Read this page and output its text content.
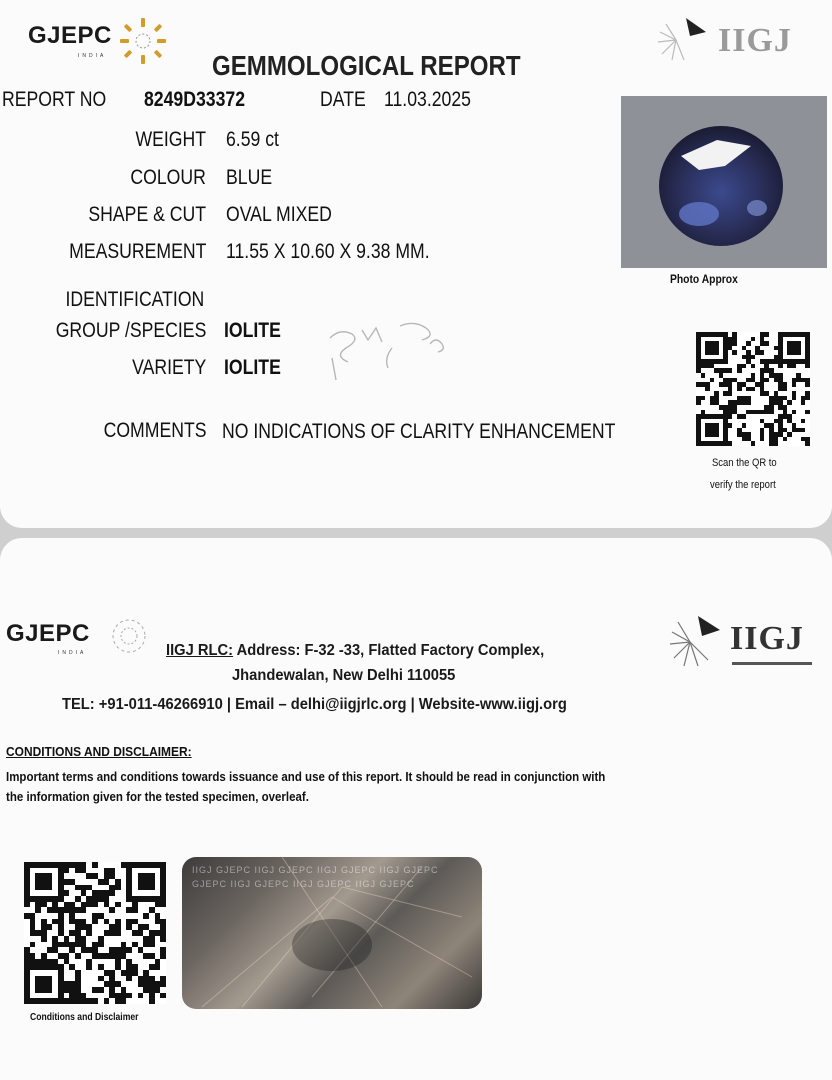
GJEPC
INDIA	IIGJ
GEMMOLOGICAL REPORT
REPORT NO 8249D33372	DATE 11.03.2025
WEIGHT 6.59 ct
COLOUR BLUE
SHAPE & CUT OVAL MIXED
MEASUREMENT 11.55 X 10.60 X 9.38 MM.
IDENTIFICATION
GROUP /SPECIES IOLITE
VARIETY IOLITE
COMMENTS NO INDICATIONS OF CLARITY ENHANCEMENT
Photo Approx
Scan the QR to
verify the report
GJEPC
INDIA	IIGJ
IIGJ RLC: Address: F-32 -33, Flatted Factory Complex,
Jhandewalan, New Delhi 110055
TEL: +91-011-46266910 | Email – delhi@iigjrlc.org | Website-www.iigj.org
CONDITIONS AND DISCLAIMER:
Important terms and conditions towards issuance and use of this report. It should be read in conjunction with
the information given for the tested specimen, overleaf.
Conditions and Disclaimer
IIGJ GJEPC IIGJ GJEPC IIGJ GJEPC IIGJ GJEPC
GJEPC IIGJ GJEPC IIGJ GJEPC IIGJ GJEPC
